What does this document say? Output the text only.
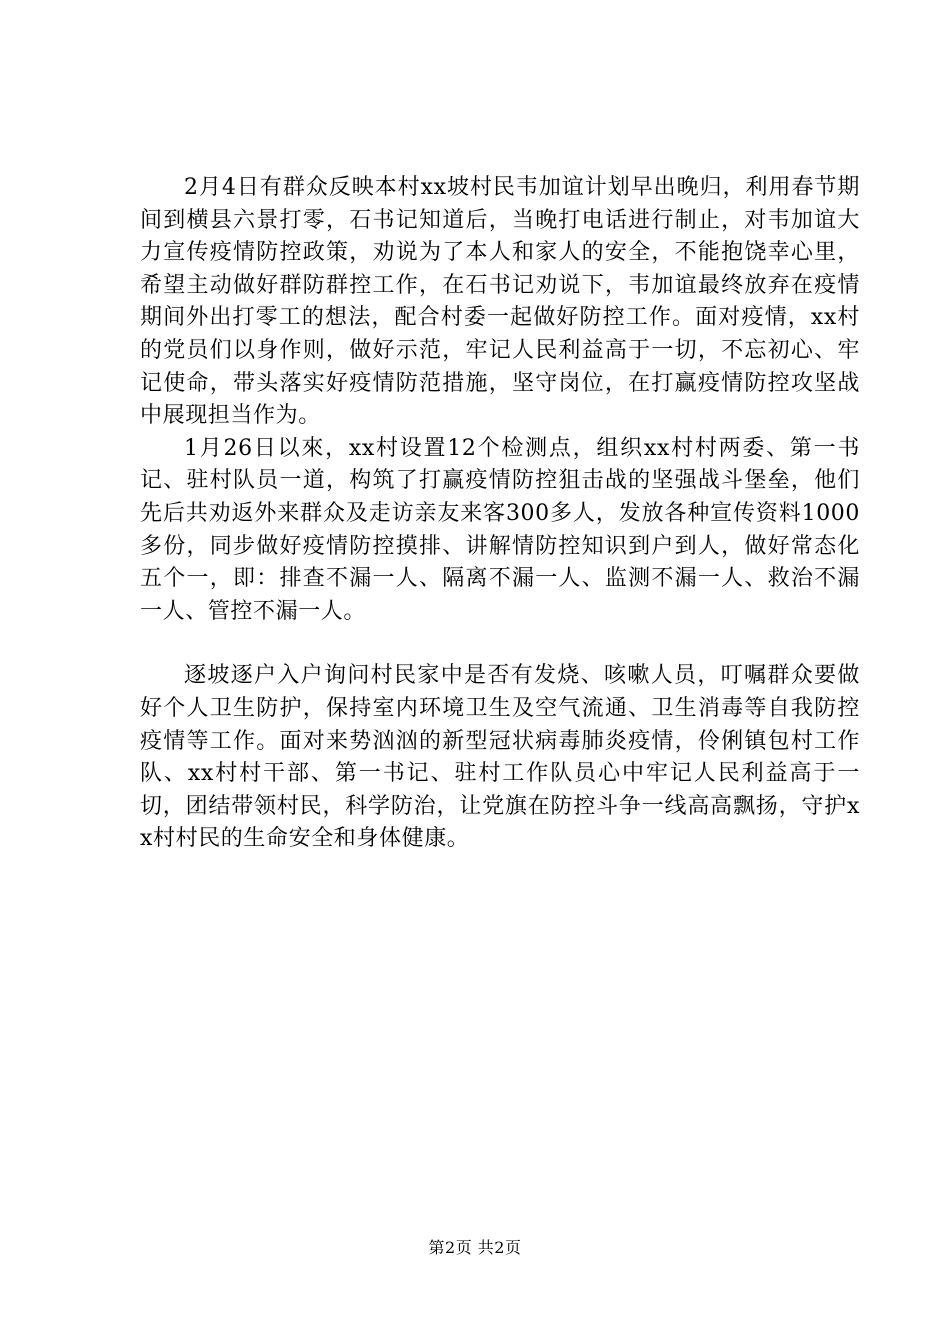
2月4日有群众反映本村xx坡村民韦加谊计划早出晚归，利用春节期间到横县六景打零，石书记知道后，当晚打电话进行制止，对韦加谊大力宣传疫情防控政策，劝说为了本人和家人的安全，不能抱饶幸心里，希望主动做好群防群控工作，在石书记劝说下，韦加谊最终放弃在疫情期间外出打零工的想法，配合村委一起做好防控工作。面对疫情，xx村的党员们以身作则，做好示范，牢记人民利益高于一切，不忘初心、牢记使命，带头落实好疫情防范措施，坚守岗位，在打赢疫情防控攻坚战中展现担当作为。

1月26日以來，xx村设置12个检测点，组织xx村村两委、第一书记、驻村队员一道，构筑了打赢疫情防控狙击战的坚强战斗堡垒，他们先后共劝返外来群众及走访亲友来客300多人，发放各种宣传资料1000多份，同步做好疫情防控摸排、讲解情防控知识到户到人，做好常态化五个一，即：排查不漏一人、隔离不漏一人、监测不漏一人、救治不漏一人、管控不漏一人。

逐坡逐户入户询问村民家中是否有发烧、咳嗽人员，叮嘱群众要做好个人卫生防护，保持室内环境卫生及空气流通、卫生消毒等自我防控疫情等工作。面对来势汹汹的新型冠状病毒肺炎疫情，伶俐镇包村工作队、xx村村干部、第一书记、驻村工作队员心中牢记人民利益高于一切，团结带领村民，科学防治，让党旗在防控斗争一线高高飘扬，守护xx村村民的生命安全和身体健康。

第2页 共2页
